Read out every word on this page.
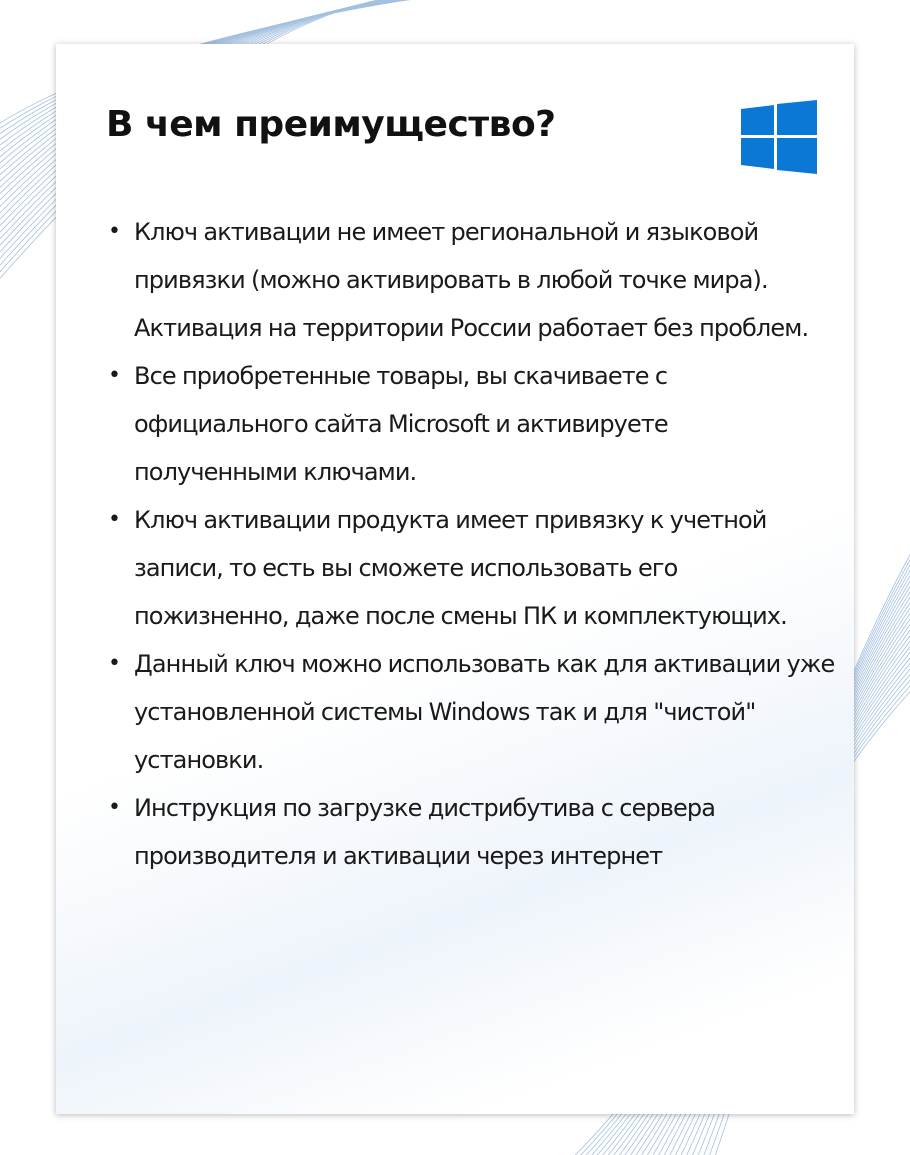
В чем преимущество?
• Ключ активации не имеет региональной и языковой привязки (можно активировать в любой точке мира). Активация на территории России работает без проблем.
• Все приобретенные товары, вы скачиваете с официального сайта Microsoft и активируете полученными ключами.
• Ключ активации продукта имеет привязку к учетной записи, то есть вы сможете использовать его пожизненно, даже после смены ПК и комплектующих.
• Данный ключ можно использовать как для активации уже установленной системы Windows так и для "чистой" установки.
• Инструкция по загрузке дистрибутива с сервера производителя и активации через интернет
